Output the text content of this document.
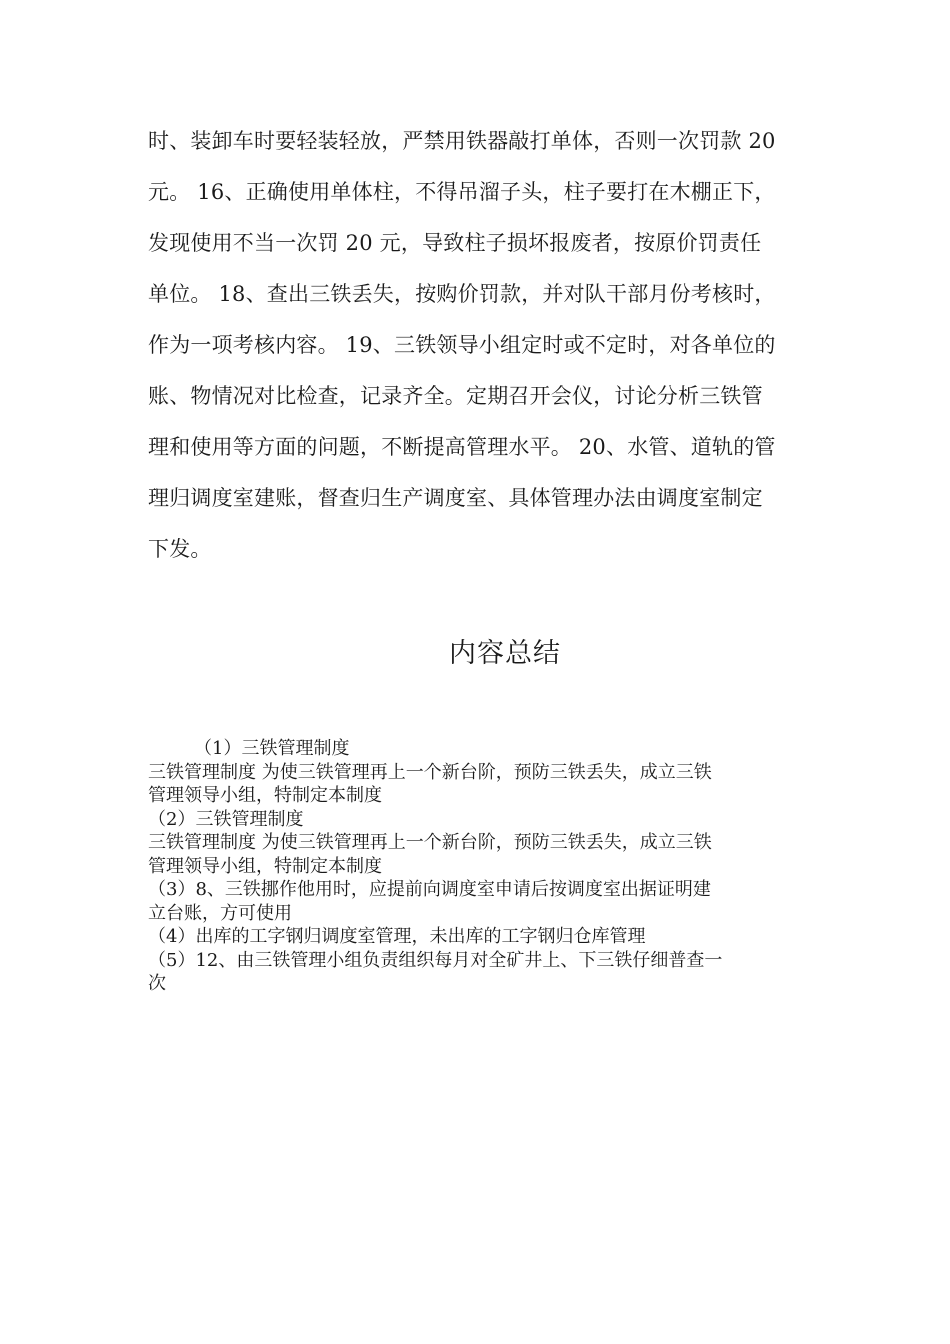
时、装卸车时要轻装轻放，严禁用铁器敲打单体，否则一次罚款 20
元。 16、正确使用单体柱，不得吊溜子头，柱子要打在木棚正下，
发现使用不当一次罚 20 元，导致柱子损坏报废者，按原价罚责任
单位。 18、查出三铁丢失，按购价罚款，并对队干部月份考核时，
作为一项考核内容。 19、三铁领导小组定时或不定时，对各单位的
账、物情况对比检查，记录齐全。定期召开会仪，讨论分析三铁管
理和使用等方面的问题，不断提高管理水平。 20、水管、道轨的管
理归调度室建账，督查归生产调度室、具体管理办法由调度室制定
下发。
内容总结
（1）三铁管理制度
三铁管理制度 为使三铁管理再上一个新台阶，预防三铁丢失，成立三铁
管理领导小组，特制定本制度
（2）三铁管理制度
三铁管理制度 为使三铁管理再上一个新台阶，预防三铁丢失，成立三铁
管理领导小组，特制定本制度
（3）8、三铁挪作他用时，应提前向调度室申请后按调度室出据证明建
立台账，方可使用
（4）出库的工字钢归调度室管理，未出库的工字钢归仓库管理
（5）12、由三铁管理小组负责组织每月对全矿井上、下三铁仔细普查一
次
